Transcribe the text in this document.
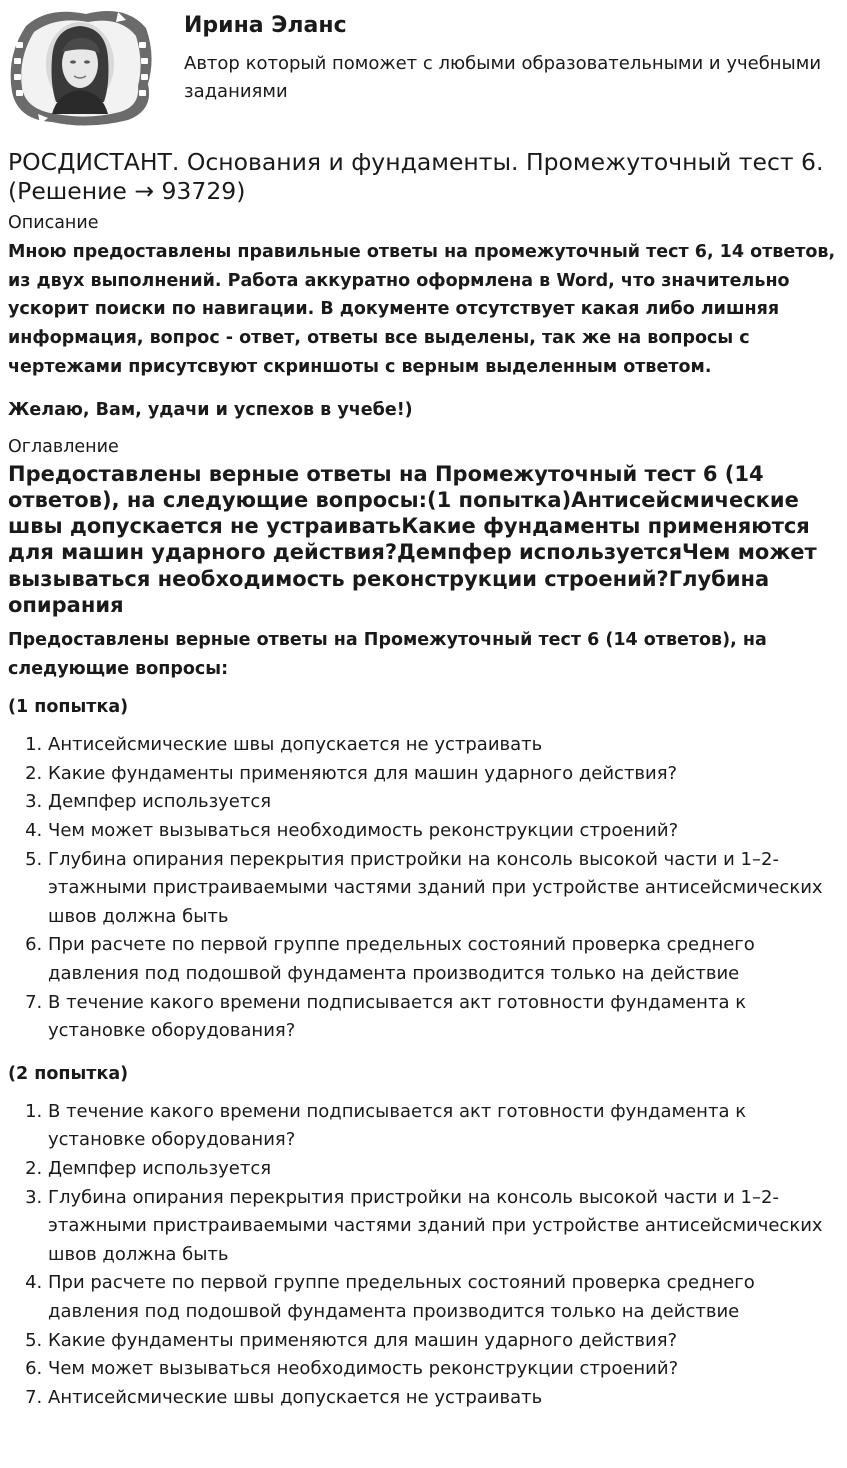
Ирина Эланс
Автор который поможет с любыми образовательными и учебными заданиями
РОСДИСТАНТ. Основания и фундаменты. Промежуточный тест 6. (Решение → 93729)
Описание
Мною предоставлены правильные ответы на промежуточный тест 6, 14 ответов, из двух выполнений. Работа аккуратно оформлена в Word, что значительно ускорит поиски по навигации. В документе отсутствует какая либо лишняя информация, вопрос - ответ, ответы все выделены, так же на вопросы с чертежами присутсвуют скриншоты с верным выделенным ответом.
Желаю, Вам, удачи и успехов в учебе!)
Оглавление
Предоставлены верные ответы на Промежуточный тест 6 (14 ответов), на следующие вопросы:(1 попытка)Антисейсмические швы допускается не устраиватьКакие фундаменты применяются для машин ударного действия?Демпфер используетсяЧем может вызываться необходимость реконструкции строений?Глубина опирания
Предоставлены верные ответы на Промежуточный тест 6 (14 ответов), на следующие вопросы:
(1 попытка)
1. Антисейсмические швы допускается не устраивать
2. Какие фундаменты применяются для машин ударного действия?
3. Демпфер используется
4. Чем может вызываться необходимость реконструкции строений?
5. Глубина опирания перекрытия пристройки на консоль высокой части и 1–2-этажными пристраиваемыми частями зданий при устройстве антисейсмических швов должна быть
6. При расчете по первой группе предельных состояний проверка среднего давления под подошвой фундамента производится только на действие
7. В течение какого времени подписывается акт готовности фундамента к установке оборудования?
(2 попытка)
1. В течение какого времени подписывается акт готовности фундамента к установке оборудования?
2. Демпфер используется
3. Глубина опирания перекрытия пристройки на консоль высокой части и 1–2-этажными пристраиваемыми частями зданий при устройстве антисейсмических швов должна быть
4. При расчете по первой группе предельных состояний проверка среднего давления под подошвой фундамента производится только на действие
5. Какие фундаменты применяются для машин ударного действия?
6. Чем может вызываться необходимость реконструкции строений?
7. Антисейсмические швы допускается не устраивать
